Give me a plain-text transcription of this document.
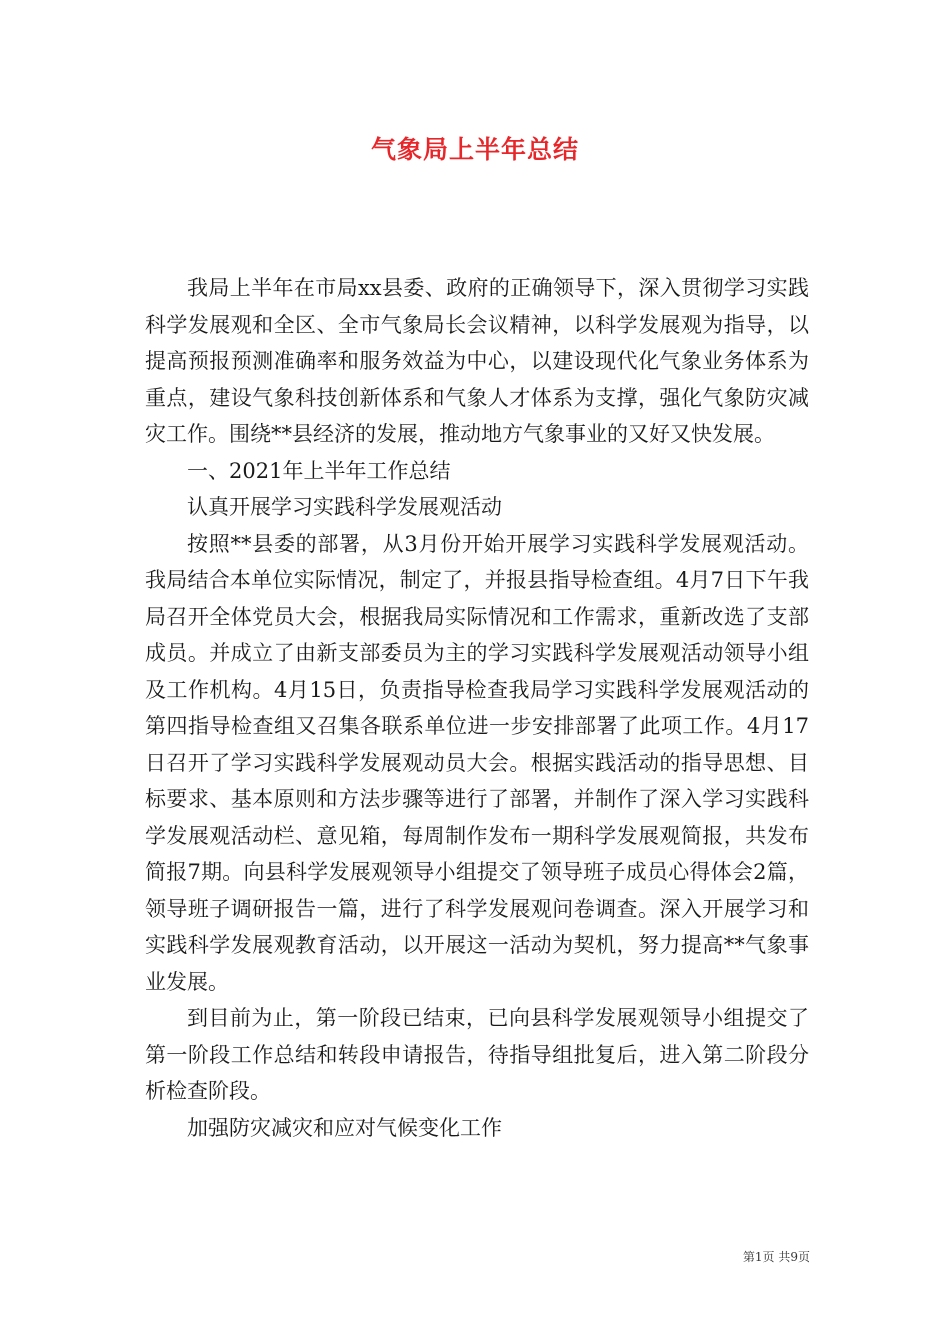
气象局上半年总结

我局上半年在市局xx县委、政府的正确领导下，深入贯彻学习实践科学发展观和全区、全市气象局长会议精神，以科学发展观为指导，以提高预报预测准确率和服务效益为中心，以建设现代化气象业务体系为重点，建设气象科技创新体系和气象人才体系为支撑，强化气象防灾减灾工作。围绕**县经济的发展，推动地方气象事业的又好又快发展。

一、2021年上半年工作总结

认真开展学习实践科学发展观活动

按照**县委的部署，从3月份开始开展学习实践科学发展观活动。我局结合本单位实际情况，制定了，并报县指导检查组。4月7日下午我局召开全体党员大会，根据我局实际情况和工作需求，重新改选了支部成员。并成立了由新支部委员为主的学习实践科学发展观活动领导小组及工作机构。4月15日，负责指导检查我局学习实践科学发展观活动的第四指导检查组又召集各联系单位进一步安排部署了此项工作。4月17日召开了学习实践科学发展观动员大会。根据实践活动的指导思想、目标要求、基本原则和方法步骤等进行了部署，并制作了深入学习实践科学发展观活动栏、意见箱，每周制作发布一期科学发展观简报，共发布简报7期。向县科学发展观领导小组提交了领导班子成员心得体会2篇，领导班子调研报告一篇，进行了科学发展观问卷调查。深入开展学习和实践科学发展观教育活动，以开展这一活动为契机，努力提高**气象事业发展。

到目前为止，第一阶段已结束，已向县科学发展观领导小组提交了第一阶段工作总结和转段申请报告，待指导组批复后，进入第二阶段分析检查阶段。

加强防灾减灾和应对气候变化工作

第1页 共9页
